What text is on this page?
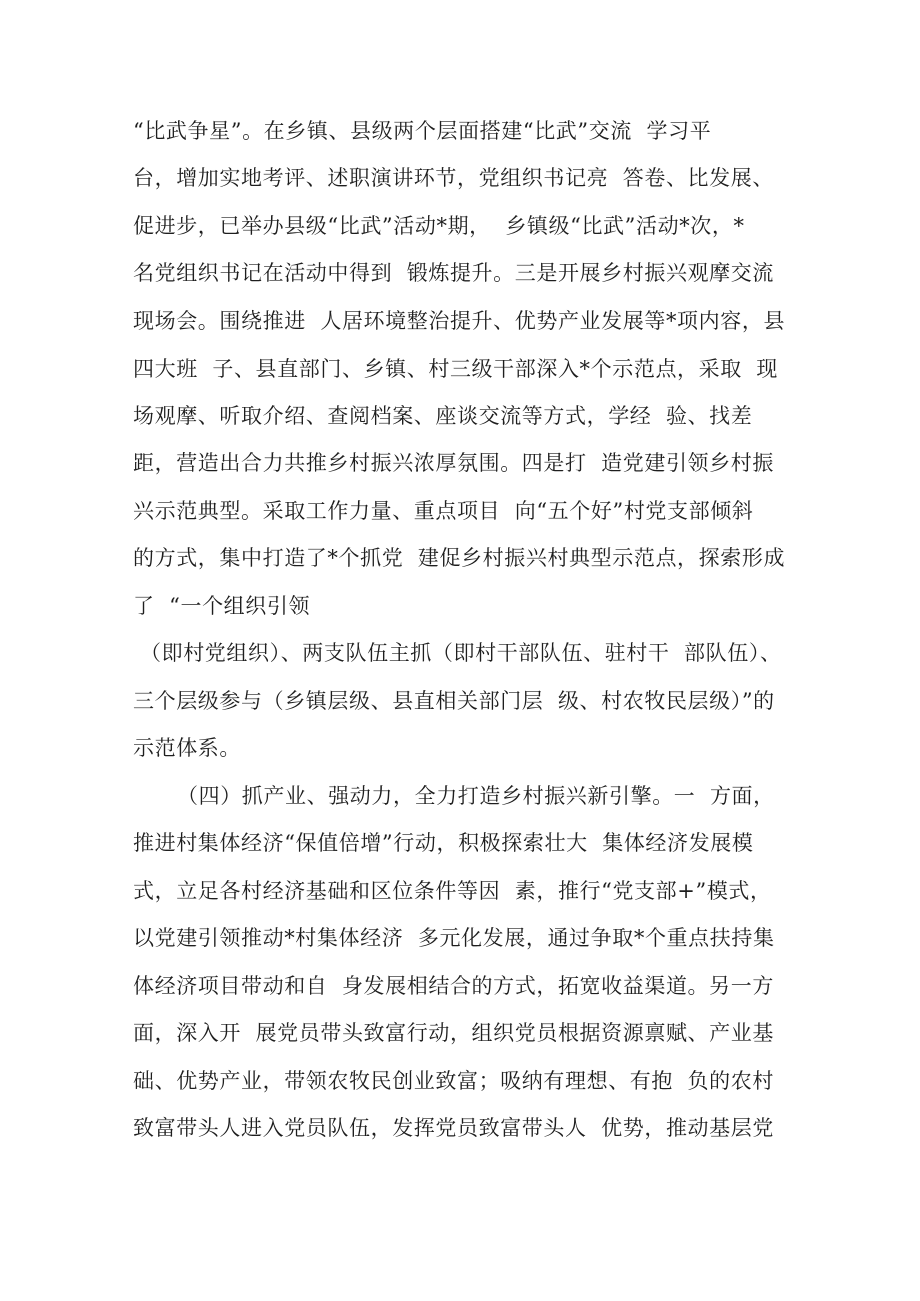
“比武争星”。在乡镇、县级两个层面搭建“比武”交流  学习平
台，增加实地考评、述职演讲环节，党组织书记亮  答卷、比发展、
促进步，已举办县级“比武”活动*期，  乡镇级“比武”活动*次，*
名党组织书记在活动中得到  锻炼提升。三是开展乡村振兴观摩交流
现场会。围绕推进  人居环境整治提升、优势产业发展等*项内容，县
四大班  子、县直部门、乡镇、村三级干部深入*个示范点，采取  现
场观摩、听取介绍、查阅档案、座谈交流等方式，学经  验、找差
距，营造出合力共推乡村振兴浓厚氛围。四是打  造党建引领乡村振
兴示范典型。采取工作力量、重点项目  向“五个好”村党支部倾斜
的方式，集中打造了*个抓党  建促乡村振兴村典型示范点，探索形成
了  “一个组织引领
（即村党组织）、两支队伍主抓（即村干部队伍、驻村干  部队伍）、
三个层级参与（乡镇层级、县直相关部门层  级、村农牧民层级）”的
示范体系。
（四）抓产业、强动力，全力打造乡村振兴新引擎。一  方面，
推进村集体经济“保值倍增”行动，积极探索壮大  集体经济发展模
式，立足各村经济基础和区位条件等因  素，推行“党支部+”模式，
以党建引领推动*村集体经济  多元化发展，通过争取*个重点扶持集
体经济项目带动和自  身发展相结合的方式，拓宽收益渠道。另一方
面，深入开  展党员带头致富行动，组织党员根据资源禀赋、产业基
础、优势产业，带领农牧民创业致富；吸纳有理想、有抱  负的农村
致富带头人进入党员队伍，发挥党员致富带头人  优势，推动基层党
